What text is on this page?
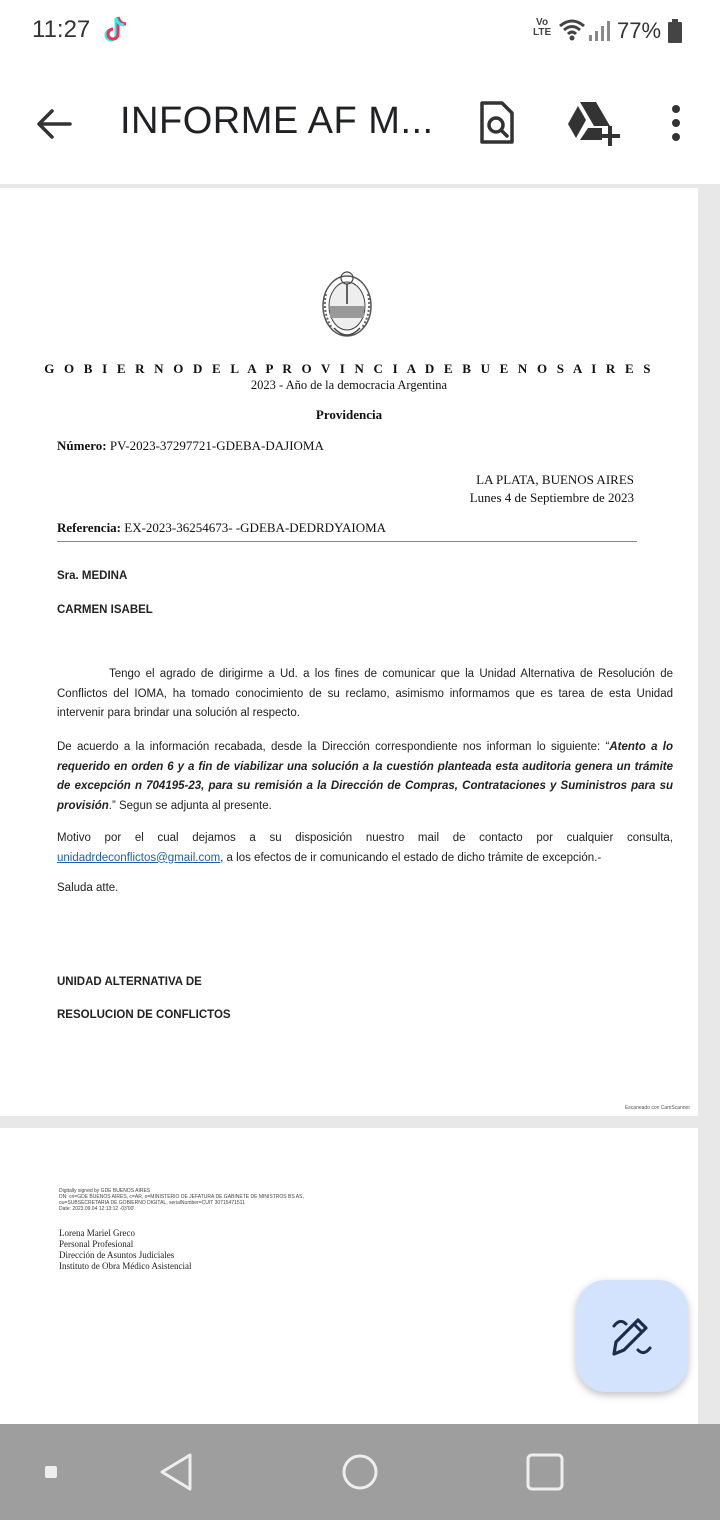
11:27	Vo
LTE	77%
INFORME AF M...
G O B I E R N O D E L A P R O V I N C I A D E B U E N O S A I R E S
2023 - Año de la democracia Argentina
Providencia
Número: PV-2023-37297721-GDEBA-DAJIOMA
LA PLATA, BUENOS AIRES
Lunes 4 de Septiembre de 2023
Referencia: EX-2023-36254673- -GDEBA-DEDRDYAIOMA
Sra. MEDINA
CARMEN ISABEL
Tengo el agrado de dirigirme a Ud. a los fines de comunicar que la Unidad Alternativa de Resolución de Conflictos del IOMA, ha tomado conocimiento de su reclamo, asimismo informamos que es tarea de esta Unidad intervenir para brindar una solución al respecto.
De acuerdo a la información recabada, desde la Dirección correspondiente nos informan lo siguiente: “Atento a lo requerido en orden 6 y a fin de viabilizar una solución a la cuestión planteada esta auditoria genera un trámite de excepción n 704195-23, para su remisión a la Dirección de Compras, Contrataciones y Suministros para su provisión.” Segun se adjunta al presente.
Motivo por el cual dejamos a su disposición nuestro mail de contacto por cualquier consulta, unidadrdeconflictos@gmail.com, a los efectos de ir comunicando el estado de dicho trámite de excepción.-
Saluda atte.
UNIDAD ALTERNATIVA DE
RESOLUCION DE CONFLICTOS
Escaneado con CamScanner
Digitally signed by GDE BUENOS AIRES
DN: cn=GDE BUENOS AIRES, c=AR, o=MINISTERIO DE JEFATURA DE GABINETE DE MINISTROS BS AS,
ou=SUBSECRETARIA DE GOBIERNO DIGITAL, serialNumber=CUIT 30715471511
Date: 2023.09.04 12:13:12 -03'00'
Lorena Mariel Greco
Personal Profesional
Dirección de Asuntos Judiciales
Instituto de Obra Médico Asistencial
